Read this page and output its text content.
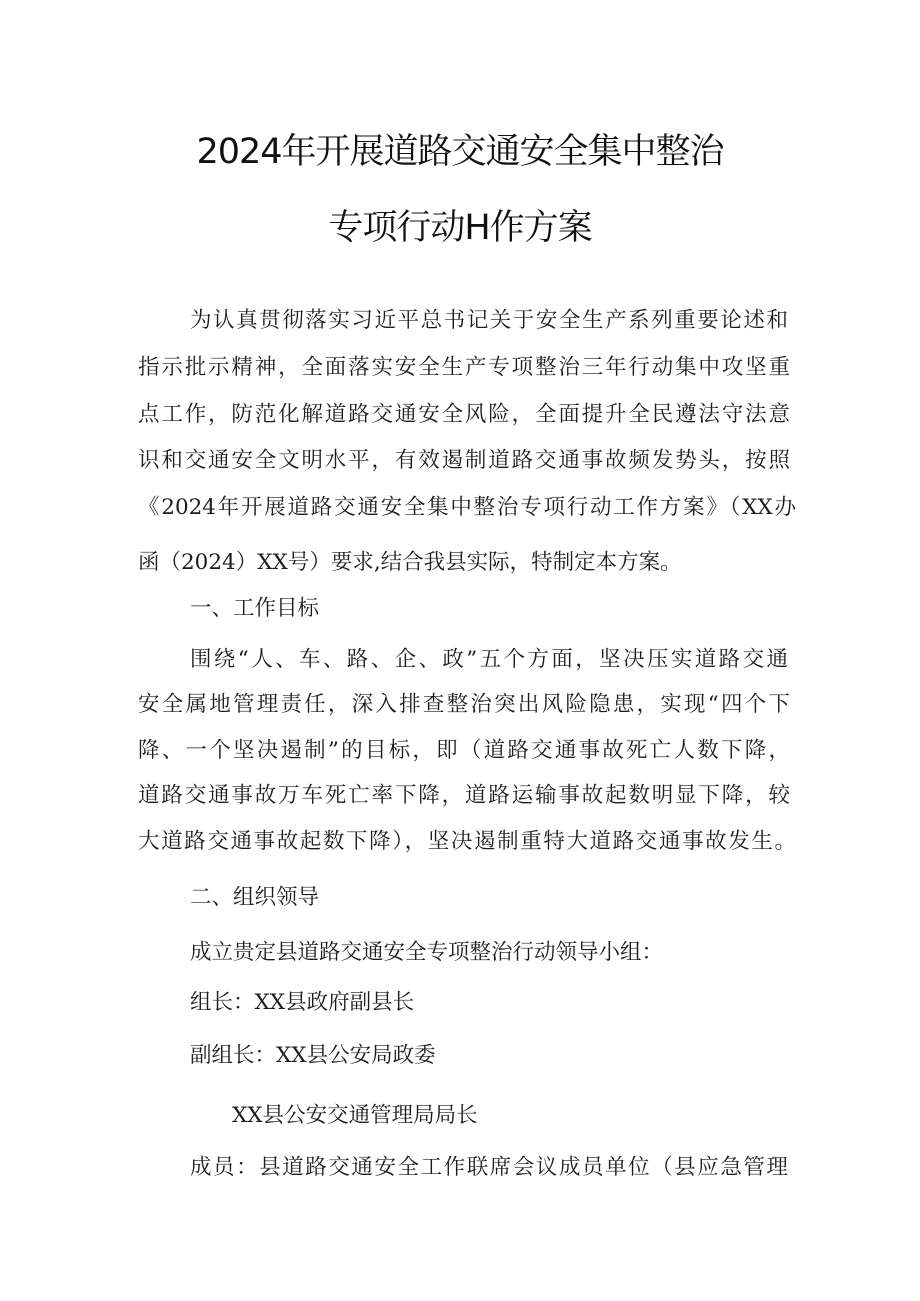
2024年开展道路交通安全集中整治
专项行动H作方案
为认真贯彻落实习近平总书记关于安全生产系列重要论述和
指示批示精神，全面落实安全生产专项整治三年行动集中攻坚重
点工作，防范化解道路交通安全风险，全面提升全民遵法守法意
识和交通安全文明水平，有效遏制道路交通事故频发势头，按照
《2024年开展道路交通安全集中整治专项行动工作方案》（XX办
函（2024）XX号）要求,结合我县实际，特制定本方案。
一、工作目标
围绕“人、车、路、企、政”五个方面，坚决压实道路交通
安全属地管理责任，深入排查整治突出风险隐患，实现“四个下
降、一个坚决遏制”的目标，即（道路交通事故死亡人数下降，
道路交通事故万车死亡率下降，道路运输事故起数明显下降，较
大道路交通事故起数下降），坚决遏制重特大道路交通事故发生。
二、组织领导
成立贵定县道路交通安全专项整治行动领导小组：
组长：XX县政府副县长
副组长：XX县公安局政委
XX县公安交通管理局局长
成员：县道路交通安全工作联席会议成员单位（县应急管理
